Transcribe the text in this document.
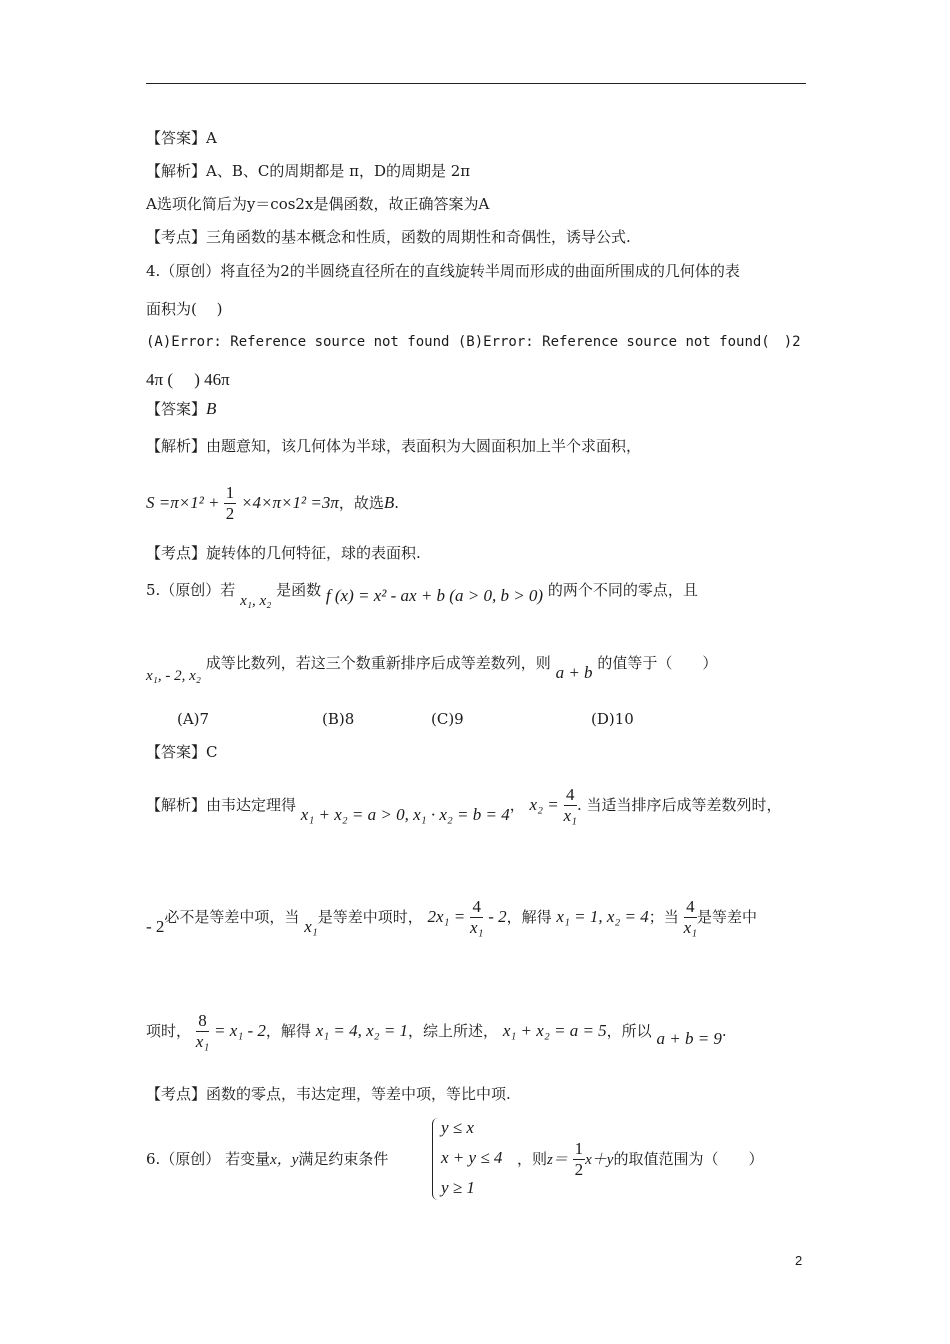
【答案】A
【解析】A、B、C的周期都是 π，D的周期是 2π
A选项化简后为y＝cos2x是偶函数，故正确答案为A
【考点】三角函数的基本概念和性质，函数的周期性和奇偶性，诱导公式.
4.（原创）将直径为2的半圆绕直径所在的直线旋转半周而形成的曲面所围成的几何体的表
面积为(　 )
(A)Error: Reference source not found (B)Error: Reference source not found(　)2
4π (　 ) 46π
【答案】B
【解析】由题意知，该几何体为半球，表面积为大圆面积加上半个求面积，
$S =\pi\times 1^2 + \frac{1}{2} \times 4\times\pi\times 1^2 =3\pi$，故选B.
【考点】旋转体的几何特征，球的表面积.
5.（原创）若 x₁, x₂ 是函数 f (x) = x² - ax + b (a > 0, b > 0) 的两个不同的零点，且
x₁, - 2, x₂ 成等比数列，若这三个数重新排序后成等差数列，则 a + b 的值等于（　　）
(A)7	(B)8	(C)9	(D)10
【答案】C
【解析】由韦达定理得 x₁ + x₂ = a > 0, x₁ · x₂ = b = 4， $x_2 = \frac{4}{\text{x₁}}$ . 当适当排序后成等差数列时，
- 2必不是等差中项，当 x₁是等差中项时， $2x_1 = \frac{4}{\text{x₁}} - 2$，解得 x₁ = 1, x₂ = 4；当 $\frac{4}{\text{x₁}}$ 是等差中
项时， $\frac{8}{\text{x₁}} = x_1 - 2$，解得 x₁ = 4, x₂ = 1，综上所述， x₁ + x₂ = a = 5，所以 a + b = 9.
【考点】函数的零点，韦达定理，等差中项，等比中项.
6.（原创） 若变量x，y满足约束条件
y ≤ x
x + y ≤ 4
y ≥ 1
，则$z= \frac{1}{2} x+y$的取值范围为（　　）
2
